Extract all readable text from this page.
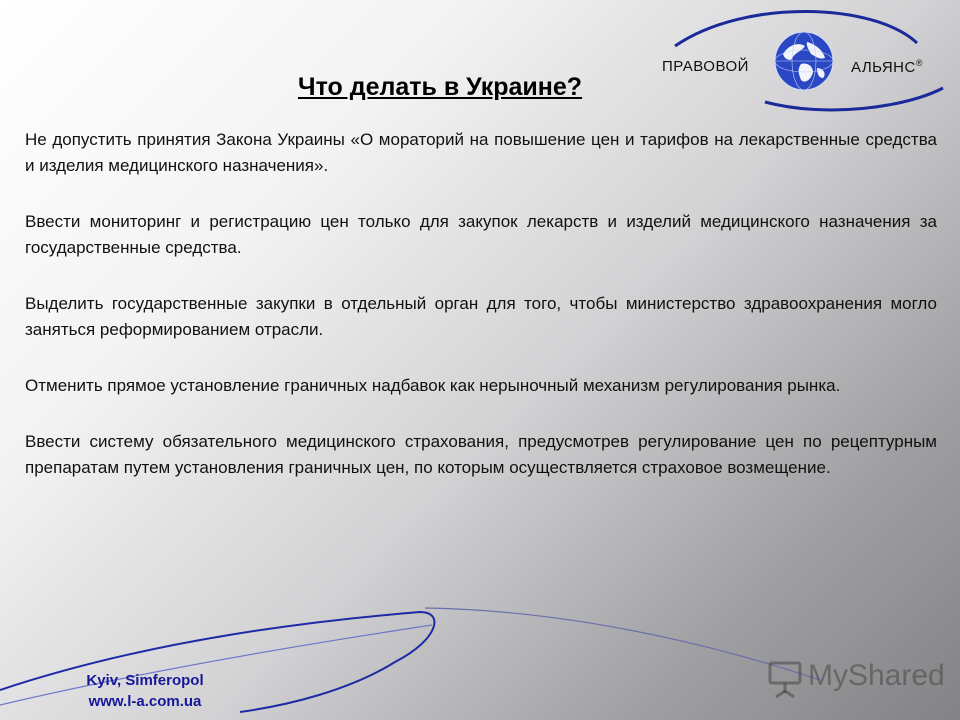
ПРАВОВОЙ	АЛЬЯНС®
Что делать в Украине?

Не допустить принятия Закона Украины «О мораторий на повышение цен и тарифов на лекарственные средства и изделия медицинского назначения».

Ввести мониторинг и регистрацию цен только для закупок лекарств и изделий медицинского назначения за государственные средства.

Выделить государственные закупки в отдельный орган для того, чтобы министерство здравоохранения могло заняться реформированием отрасли.

Отменить прямое установление граничных надбавок как нерыночный механизм регулирования рынка.

Ввести систему обязательного медицинского страхования, предусмотрев регулирование цен по рецептурным препаратам путем установления граничных цен, по которым осуществляется страховое возмещение.

Kyiv, Simferopol
www.l-a.com.ua
MyShared
